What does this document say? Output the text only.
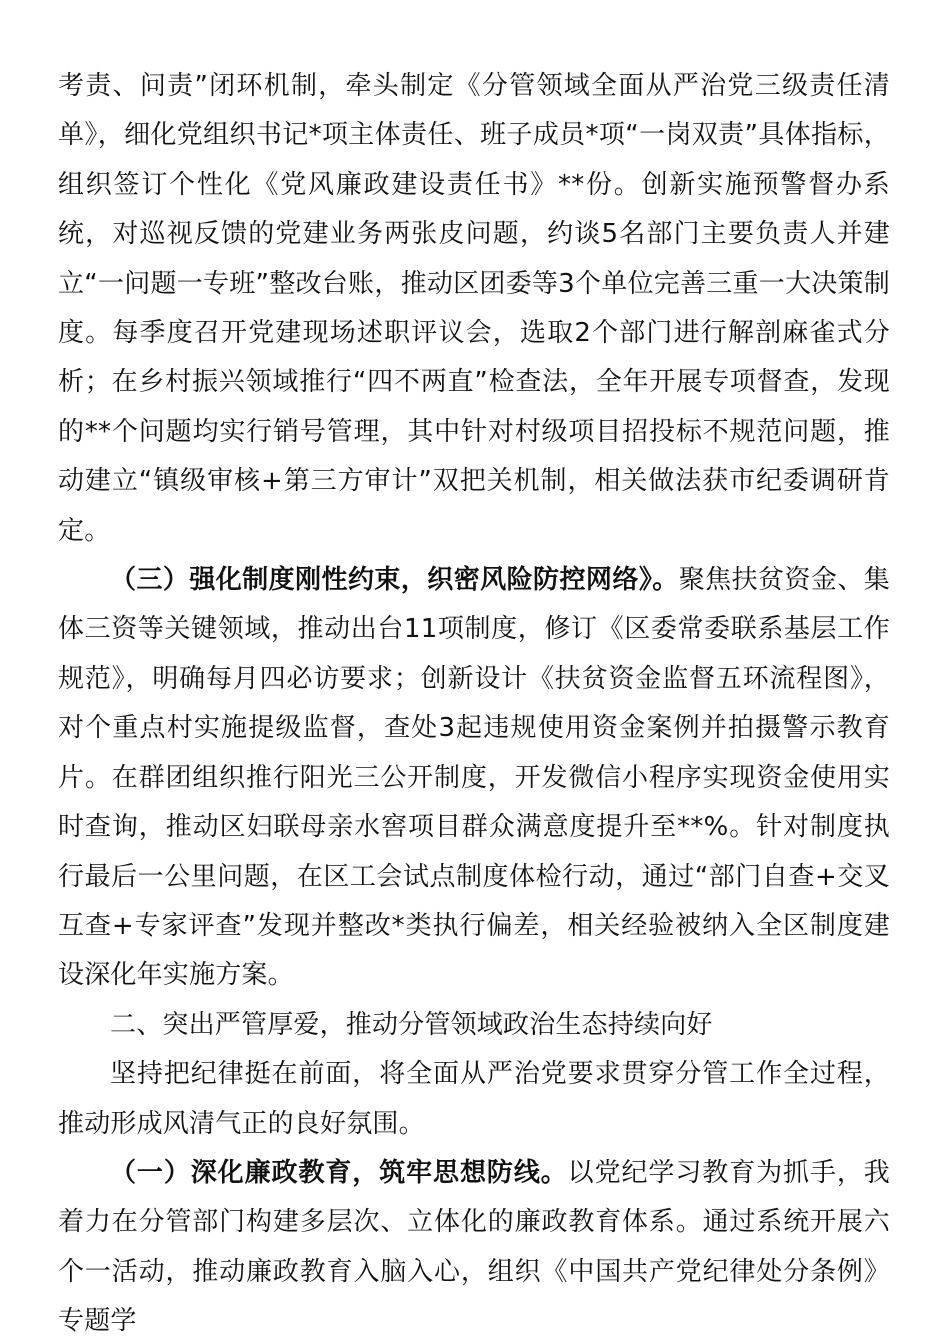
考责、问责”闭环机制，牵头制定《分管领域全面从严治党三级责任清单》，细化党组织书记*项主体责任、班子成员*项“一岗双责”具体指标，组织签订个性化《党风廉政建设责任书》**份。创新实施预警督办系统，对巡视反馈的党建业务两张皮问题，约谈5名部门主要负责人并建立“一问题一专班”整改台账，推动区团委等3个单位完善三重一大决策制度。每季度召开党建现场述职评议会，选取2个部门进行解剖麻雀式分析；在乡村振兴领域推行“四不两直”检查法，全年开展专项督查，发现的**个问题均实行销号管理，其中针对村级项目招投标不规范问题，推动建立“镇级审核+第三方审计”双把关机制，相关做法获市纪委调研肯定。

（三）强化制度刚性约束，织密风险防控网络》。聚焦扶贫资金、集体三资等关键领域，推动出台11项制度，修订《区委常委联系基层工作规范》，明确每月四必访要求；创新设计《扶贫资金监督五环流程图》，对个重点村实施提级监督，查处3起违规使用资金案例并拍摄警示教育片。在群团组织推行阳光三公开制度，开发微信小程序实现资金使用实时查询，推动区妇联母亲水窖项目群众满意度提升至**%。针对制度执行最后一公里问题，在区工会试点制度体检行动，通过“部门自查+交叉互查+专家评查”发现并整改*类执行偏差，相关经验被纳入全区制度建设深化年实施方案。

二、突出严管厚爱，推动分管领域政治生态持续向好

坚持把纪律挺在前面，将全面从严治党要求贯穿分管工作全过程，推动形成风清气正的良好氛围。

（一）深化廉政教育，筑牢思想防线。以党纪学习教育为抓手，我着力在分管部门构建多层次、立体化的廉政教育体系。通过系统开展六个一活动，推动廉政教育入脑入心，组织《中国共产党纪律处分条例》专题学
